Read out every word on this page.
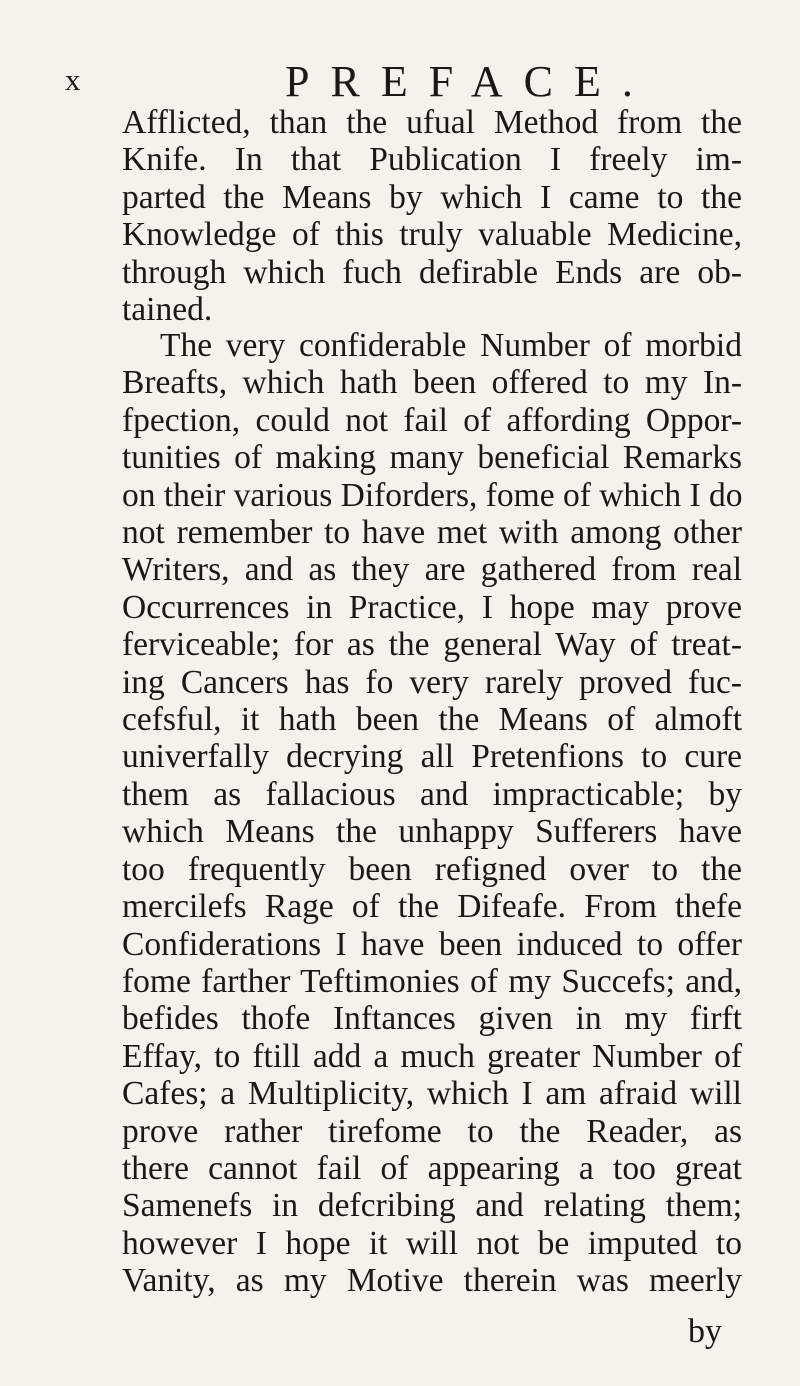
x	PREFACE.
Afflicted, than the ufual Method from the
Knife. In that Publication I freely im-
parted the Means by which I came to the
Knowledge of this truly valuable Medicine,
through which fuch defirable Ends are ob-
tained.
The very confiderable Number of morbid
Breafts, which hath been offered to my In-
fpection, could not fail of affording Oppor-
tunities of making many beneficial Remarks
on their various Diforders, fome of which I do
not remember to have met with among other
Writers, and as they are gathered from real
Occurrences in Practice, I hope may prove
ferviceable; for as the general Way of treat-
ing Cancers has fo very rarely proved fuc-
cefsful, it hath been the Means of almoft
univerfally decrying all Pretenfions to cure
them as fallacious and impracticable; by
which Means the unhappy Sufferers have
too frequently been refigned over to the
mercilefs Rage of the Difeafe. From thefe
Confiderations I have been induced to offer
fome farther Teftimonies of my Succefs; and,
befides thofe Inftances given in my firft
Effay, to ftill add a much greater Number of
Cafes; a Multiplicity, which I am afraid will
prove rather tirefome to the Reader, as
there cannot fail of appearing a too great
Samenefs in defcribing and relating them;
however I hope it will not be imputed to
Vanity, as my Motive therein was meerly
by
